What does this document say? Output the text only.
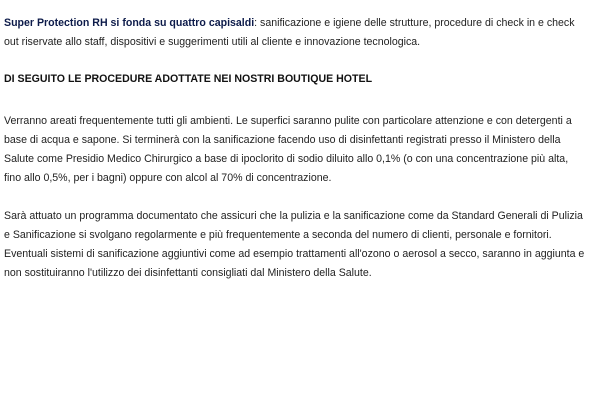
Super Protection RH si fonda su quattro capisaldi: sanificazione e igiene delle strutture, procedure di check in e check out riservate allo staff, dispositivi e suggerimenti utili al cliente e innovazione tecnologica.

DI SEGUITO LE PROCEDURE ADOTTATE NEI NOSTRI BOUTIQUE HOTEL

Verranno areati frequentemente tutti gli ambienti. Le superfici saranno pulite con particolare attenzione e con detergenti a base di acqua e sapone. Si terminerà con la sanificazione facendo uso di disinfettanti registrati presso il Ministero della Salute come Presidio Medico Chirurgico a base di ipoclorito di sodio diluito allo 0,1% (o con una concentrazione più alta, fino allo 0,5%, per i bagni) oppure con alcol al 70% di concentrazione.

Sarà attuato un programma documentato che assicuri che la pulizia e la sanificazione come da Standard Generali di Pulizia e Sanificazione si svolgano regolarmente e più frequentemente a seconda del numero di clienti, personale e fornitori. Eventuali sistemi di sanificazione aggiuntivi come ad esempio trattamenti all'ozono o aerosol a secco, saranno in aggiunta e non sostituiranno l'utilizzo dei disinfettanti consigliati dal Ministero della Salute.
